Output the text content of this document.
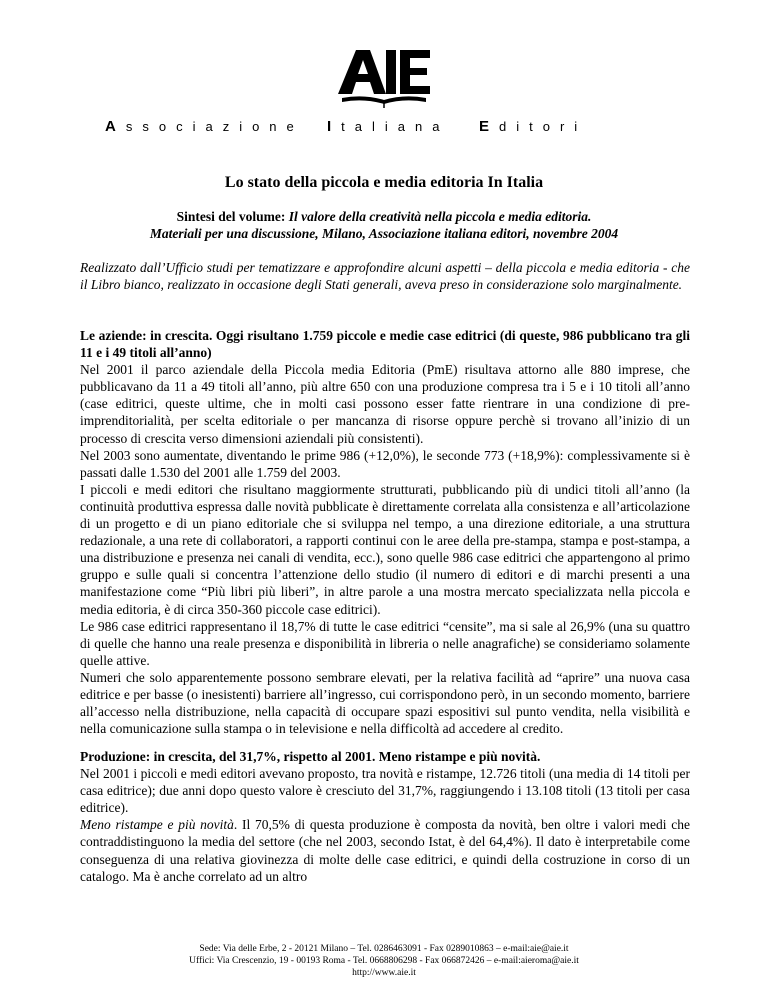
Associazione Italiana Editori
Lo stato della piccola e media editoria In Italia
Sintesi del volume: Il valore della creatività nella piccola e media editoria.
Materiali per una discussione, Milano, Associazione italiana editori, novembre 2004
Realizzato dall’Ufficio studi per tematizzare e approfondire alcuni aspetti – della piccola e media editoria - che il Libro bianco, realizzato in occasione degli Stati generali, aveva preso in considerazione solo marginalmente.

Le aziende: in crescita. Oggi risultano 1.759 piccole e medie case editrici (di queste, 986 pubblicano tra gli 11 e i 49 titoli all’anno)

Nel 2001 il parco aziendale della Piccola media Editoria (PmE) risultava attorno alle 880 imprese, che pubblicavano da 11 a 49 titoli all’anno, più altre 650 con una produzione compresa tra i 5 e i 10 titoli all’anno (case editrici, queste ultime, che in molti casi possono esser fatte rientrare in una condizione di pre-imprenditorialità, per scelta editoriale o per mancanza di risorse oppure perchè si trovano all’inizio di un processo di crescita verso dimensioni aziendali più consistenti).

Nel 2003 sono aumentate, diventando le prime 986 (+12,0%), le seconde 773 (+18,9%): complessivamente si è passati dalle 1.530 del 2001 alle 1.759 del 2003.

I piccoli e medi editori che risultano maggiormente strutturati, pubblicando più di undici titoli all’anno (la continuità produttiva espressa dalle novità pubblicate è direttamente correlata alla consistenza e all’articolazione di un progetto e di un piano editoriale che si sviluppa nel tempo, a una direzione editoriale, a una struttura redazionale, a una rete di collaboratori, a rapporti continui con le aree della pre-stampa, stampa e post-stampa, a una distribuzione e presenza nei canali di vendita, ecc.), sono quelle 986 case editrici che appartengono al primo gruppo e sulle quali si concentra l’attenzione dello studio (il numero di editori e di marchi presenti a una manifestazione come “Più libri più liberi”, in altre parole a una mostra mercato specializzata nella piccola e media editoria, è di circa 350-360 piccole case editrici).

Le 986 case editrici rappresentano il 18,7% di tutte le case editrici “censite”, ma si sale al 26,9% (una su quattro di quelle che hanno una reale presenza e disponibilità in libreria o nelle anagrafiche) se consideriamo solamente quelle attive.

Numeri che solo apparentemente possono sembrare elevati, per la relativa facilità ad “aprire” una nuova casa editrice e per basse (o inesistenti) barriere all’ingresso, cui corrispondono però, in un secondo momento, barriere all’accesso nella distribuzione, nella capacità di occupare spazi espositivi sul punto vendita, nella visibilità e nella comunicazione sulla stampa o in televisione e nella difficoltà ad accedere al credito.

Produzione: in crescita, del 31,7%, rispetto al 2001. Meno ristampe e più novità.

Nel 2001 i piccoli e medi editori avevano proposto, tra novità e ristampe, 12.726 titoli (una media di 14 titoli per casa editrice); due anni dopo questo valore è cresciuto del 31,7%, raggiungendo i 13.108 titoli (13 titoli per casa editrice).

Meno ristampe e più novità. Il 70,5% di questa produzione è composta da novità, ben oltre i valori medi che contraddistinguono la media del settore (che nel 2003, secondo Istat, è del 64,4%). Il dato è interpretabile come conseguenza di una relativa giovinezza di molte delle case editrici, e quindi della costruzione in corso di un catalogo. Ma è anche correlato ad un altro

Sede: Via delle Erbe, 2 - 20121 Milano – Tel. 0286463091 - Fax 0289010863 – e-mail:aie@aie.it
Uffici: Via Crescenzio, 19 - 00193 Roma - Tel. 0668806298 - Fax 066872426 – e-mail:aieroma@aie.it
http://www.aie.it
